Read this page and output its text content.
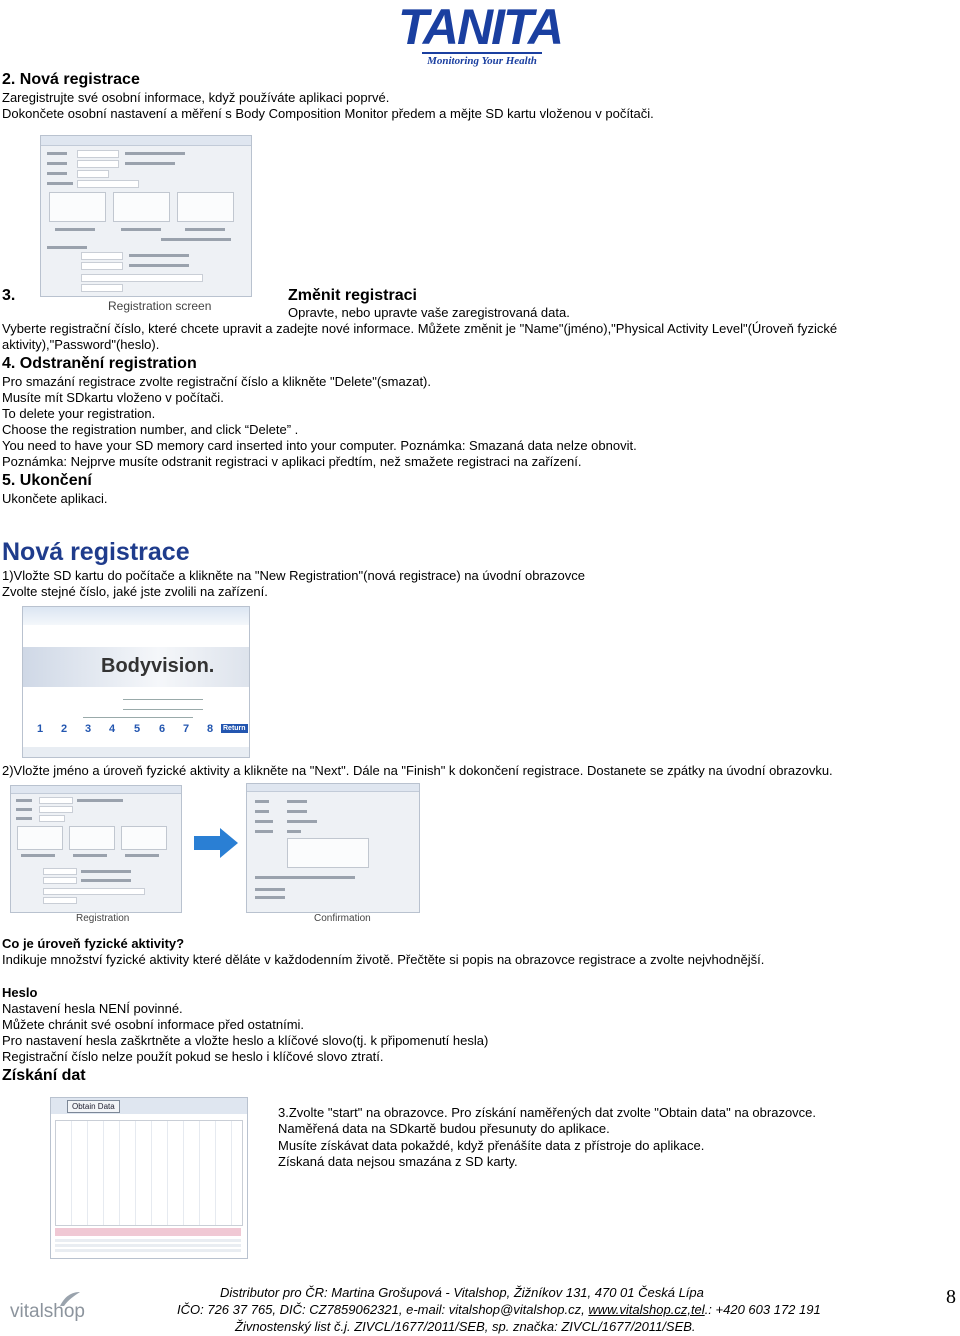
TANITA
Monitoring Your Health
2. Nová registrace
Zaregistrujte své osobní informace, když používáte aplikaci poprvé.
Dokončete osobní nastavení a měření s Body Composition Monitor předem a mějte SD kartu vloženou v počítači.
3.	Změnit registraci
Registration screen	Opravte, nebo upravte vaše zaregistrovaná data.
Vyberte registrační číslo, které chcete upravit a zadejte nové informace. Můžete změnit je "Name"(jméno),"Physical Activity Level"(Úroveň fyzické
aktivity),"Password"(heslo).
4. Odstranění registration
Pro smazání registrace zvolte registrační číslo a klikněte "Delete"(smazat).
Musíte mít SDkartu vloženo v počítači.
To delete your registration.
Choose the registration number, and click “Delete” .
You need to have your SD memory card inserted into your computer. Poznámka: Smazaná data nelze obnovit.
Poznámka: Nejprve musíte odstranit registraci v aplikaci předtím, než smažete registraci na zařízení.
5. Ukončení
Ukončete aplikaci.
Nová registrace
1)Vložte SD kartu do počítače a klikněte na "New Registration"(nová registrace) na úvodní obrazovce
Zvolte stejné číslo, jaké jste zvolili na zařízení.
Bodyvision.
1 2 3 4 5 6 7 8 Return
2)Vložte jméno a úroveň fyzické aktivity a klikněte na "Next". Dále na "Finish" k dokončení registrace. Dostanete se zpátky na úvodní obrazovku.
Registration	Confirmation
Co je úroveň fyzické aktivity?
Indikuje množství fyzické aktivity které děláte v každodenním životě. Přečtěte si popis na obrazovce registrace a zvolte nejvhodnější.
Heslo
Nastavení hesla NENÍ povinné.
Můžete chránit své osobní informace před ostatními.
Pro nastavení hesla zaškrtněte a vložte heslo a klíčové slovo(tj. k připomenutí hesla)
Registrační číslo nelze použít pokud se heslo i klíčové slovo ztratí.
Získání dat
Obtain Data	3.Zvolte "start" na obrazovce. Pro získání naměřených dat zvolte "Obtain data" na obrazovce.
Naměřená data na SDkartě budou přesunuty do aplikace.
Musíte získávat data pokaždé, když přenášíte data z přístroje do aplikace.
Získaná data nejsou smazána z SD karty.
vitalshop
Distributor pro ČR: Martina Grošupová - Vitalshop, Žižníkov 131, 470 01 Česká Lípa
IČO: 726 37 765, DIČ: CZ7859062321, e-mail: vitalshop@vitalshop.cz, www.vitalshop.cz,tel.: +420 603 172 191
Živnostenský list č.j. ZIVCL/1677/2011/SEB, sp. značka: ZIVCL/1677/2011/SEB.
8
